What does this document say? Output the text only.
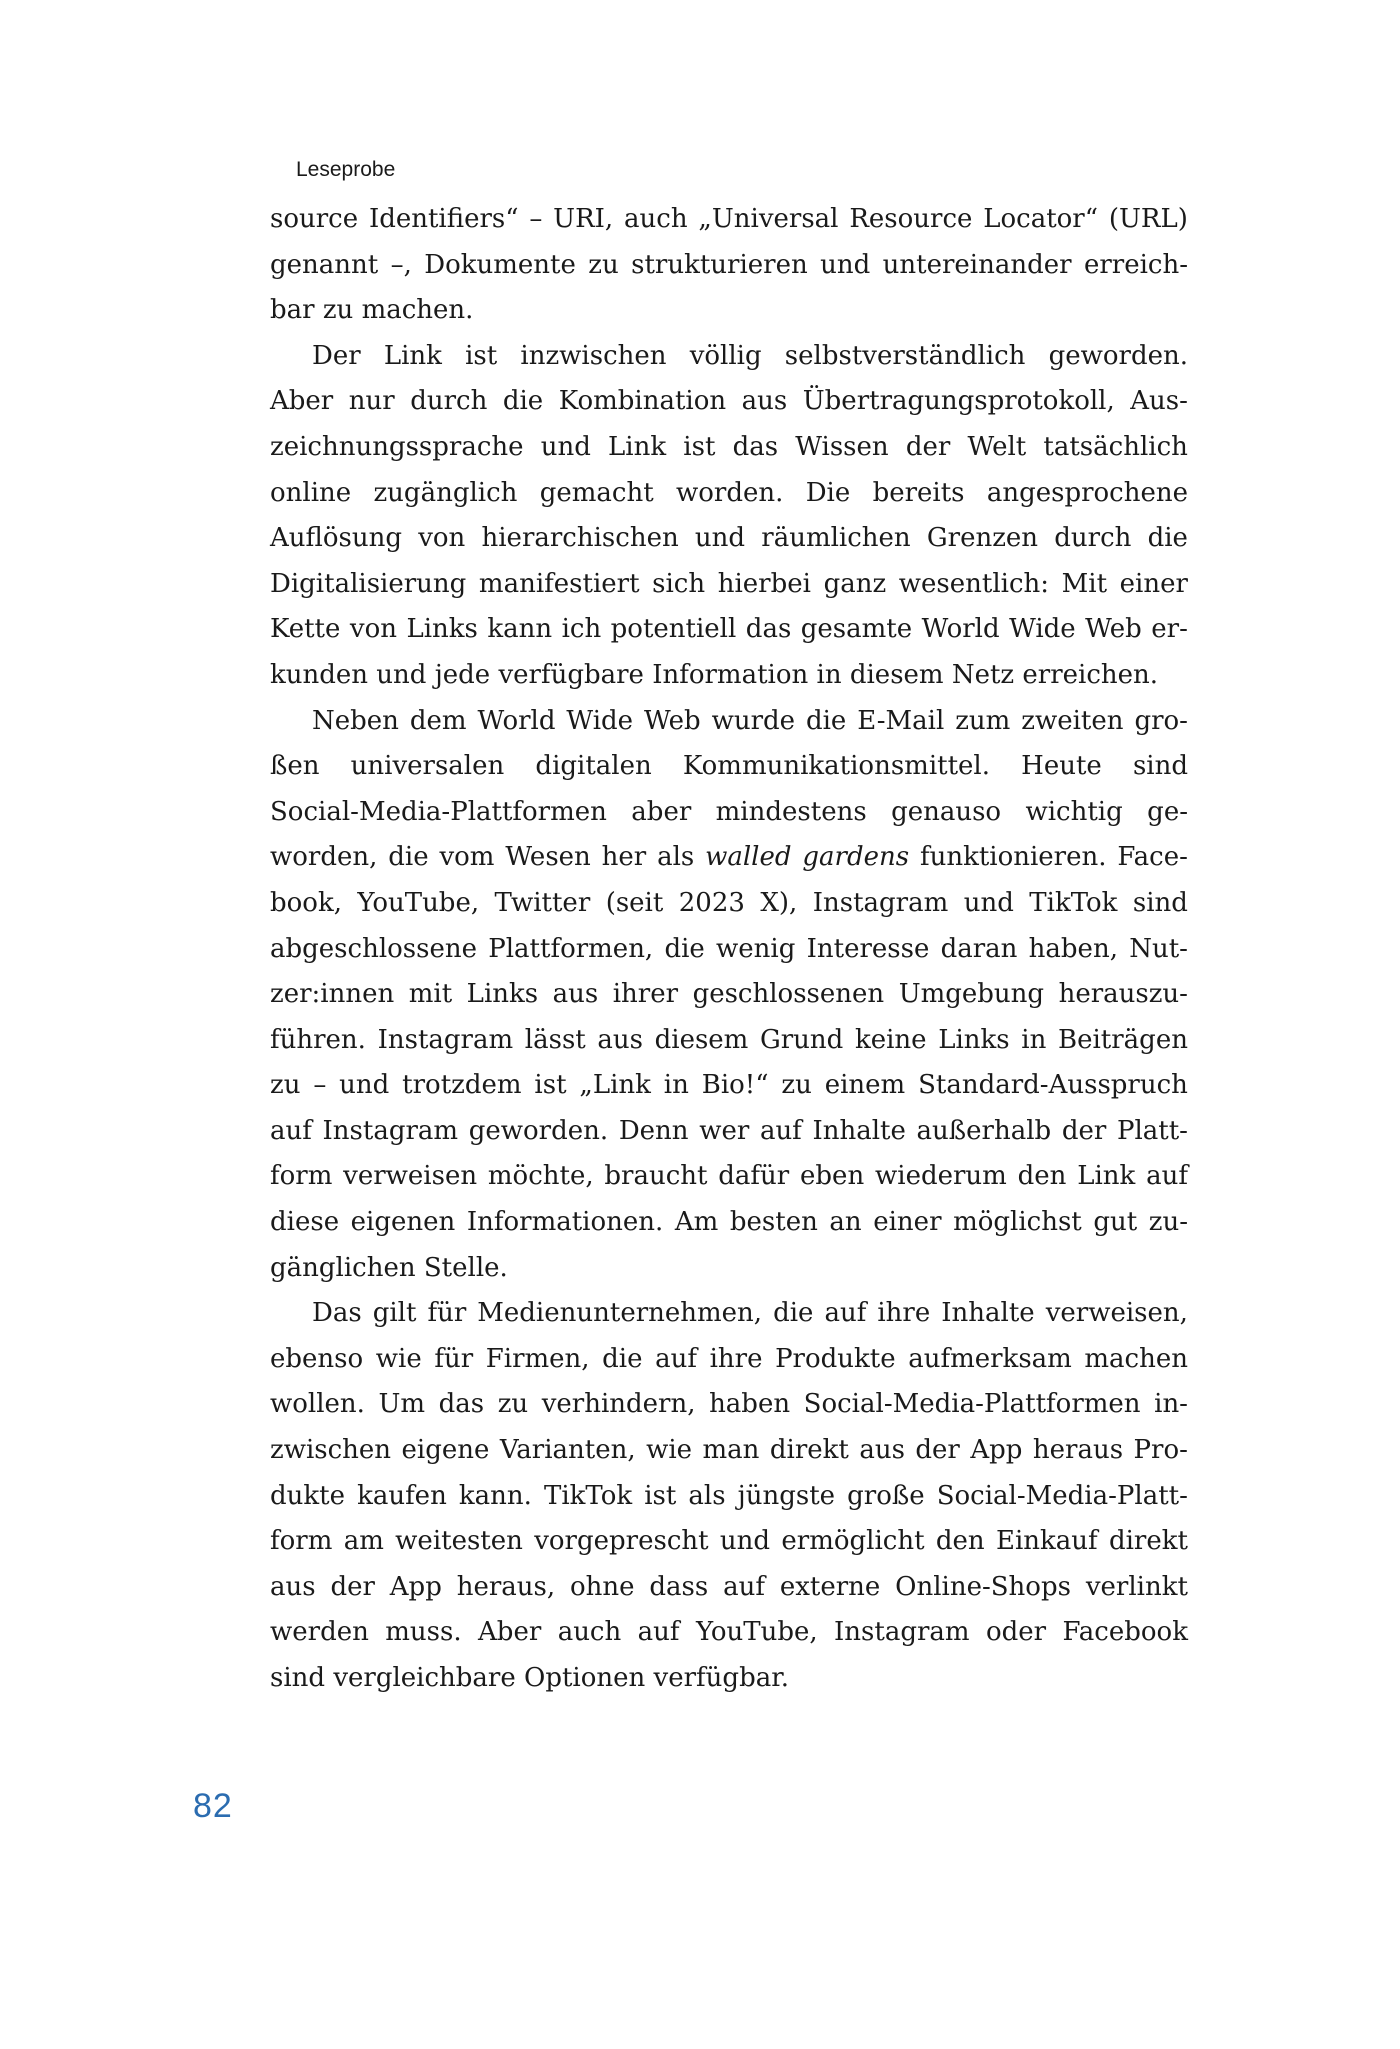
Leseprobe
source Identifiers“ – URI, auch „Universal Resource Locator“ (URL)
genannt –, Dokumente zu strukturieren und untereinander erreich-
bar zu machen.
Der Link ist inzwischen völlig selbstverständlich geworden.
Aber nur durch die Kombination aus Übertragungsprotokoll, Aus-
zeichnungssprache und Link ist das Wissen der Welt tatsächlich
online zugänglich gemacht worden. Die bereits angesprochene
Auflösung von hierarchischen und räumlichen Grenzen durch die
Digitalisierung manifestiert sich hierbei ganz wesentlich: Mit einer
Kette von Links kann ich potentiell das gesamte World Wide Web er-
kunden und jede verfügbare Information in diesem Netz erreichen.
Neben dem World Wide Web wurde die E-Mail zum zweiten gro-
ßen universalen digitalen Kommunikationsmittel. Heute sind
Social-Media-Plattformen aber mindestens genauso wichtig ge-
worden, die vom Wesen her als walled gardens funktionieren. Face-
book, YouTube, Twitter (seit 2023 X), Instagram und TikTok sind
abgeschlossene Plattformen, die wenig Interesse daran haben, Nut-
zer:innen mit Links aus ihrer geschlossenen Umgebung herauszu-
führen. Instagram lässt aus diesem Grund keine Links in Beiträgen
zu – und trotzdem ist „Link in Bio!“ zu einem Standard-Ausspruch
auf Instagram geworden. Denn wer auf Inhalte außerhalb der Platt-
form verweisen möchte, braucht dafür eben wiederum den Link auf
diese eigenen Informationen. Am besten an einer möglichst gut zu-
gänglichen Stelle.
Das gilt für Medienunternehmen, die auf ihre Inhalte verweisen,
ebenso wie für Firmen, die auf ihre Produkte aufmerksam machen
wollen. Um das zu verhindern, haben Social-Media-Plattformen in-
zwischen eigene Varianten, wie man direkt aus der App heraus Pro-
dukte kaufen kann. TikTok ist als jüngste große Social-Media-Platt-
form am weitesten vorgeprescht und ermöglicht den Einkauf direkt
aus der App heraus, ohne dass auf externe Online-Shops verlinkt
werden muss. Aber auch auf YouTube, Instagram oder Facebook
sind vergleichbare Optionen verfügbar.
82
